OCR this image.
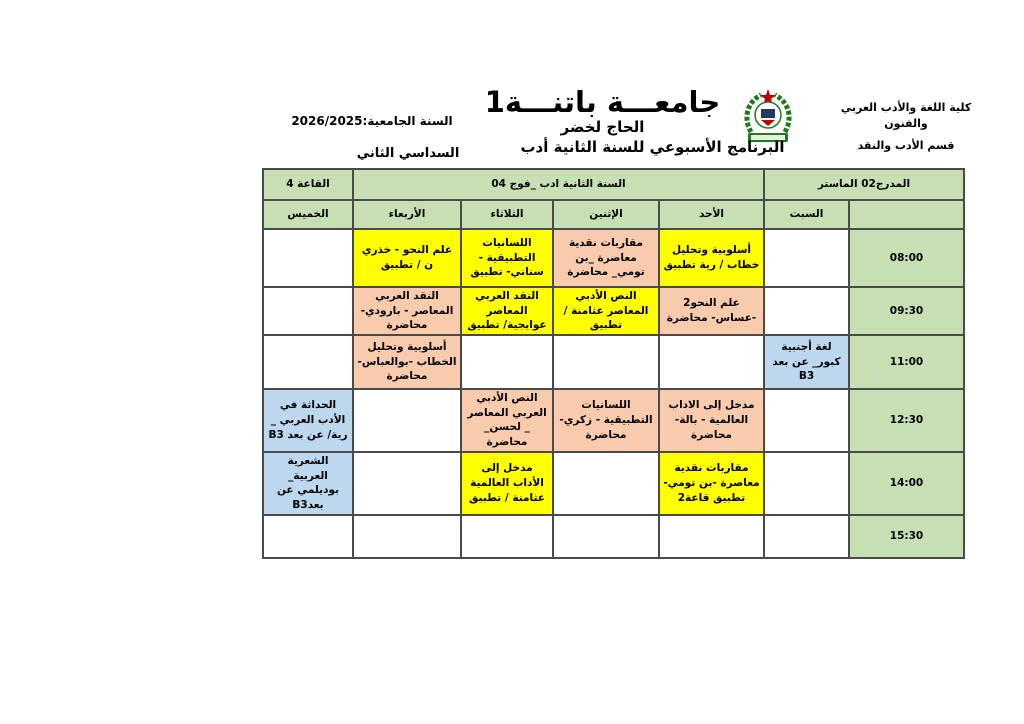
كلية اللغة والأدب العربي
والفنون
قسم الأدب والنقد
جامعـــة باتنـــة1
الحاج لخضر
البرنامج الأسبوعي للسنة الثانية أدب
السنة الجامعية:2026/2025
السداسي الثاني
المدرج02 الماستر		السنة الثانية ادب _فوج 04				القاعة 4
	السبت	الأحد	الإثنين	الثلاثاء	الأربعاء	الخميس
08:00		أسلوبية وتحليل خطاب / رية تطبيق	مقاربات نقدية معاصرة _بن تومي_ محاضرة	اللسانيات التطبيقية - سناني- تطبيق	علم النحو - خذري ن / تطبيق	
09:30		علم النحو2 -عساس- محاضرة	النص الأدبي المعاصر عثامنة /تطبيق	النقد العربي المعاصر عوايجية/ تطبيق	النقد العربي المعاصر - بارودي- محاضرة	
11:00	لغة أجنبية كبور_ عن بعد B3				أسلوبية وتحليل الخطاب -بوالعباس- محاضرة	
12:30		مدخل إلى الاداب العالمية - بالة- محاضرة	اللسانيات التطبيقية - زكري- محاضرة	النص الأدبي العربي المعاصر _ لحسن_ محاضرة		الحداثة في الأدب العربي _ رية/ عن بعد B3
14:00		مقاربات نقدية معاصرة -بن تومي- تطبيق قاعة2		مدخل إلى الأداب العالمية عثامنة / تطبيق		الشعرية العربية_ بوديلمي عن بعدB3
15:30						
